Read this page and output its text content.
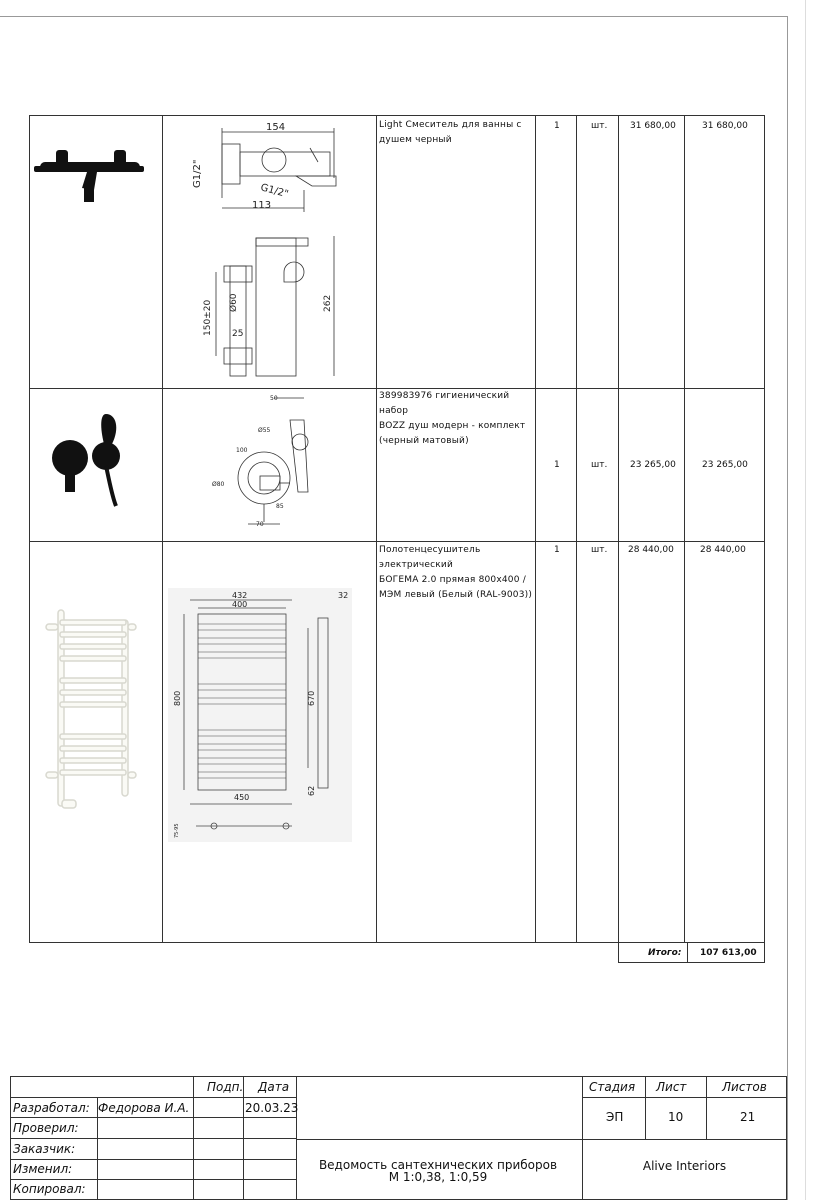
154
G1/2"
G1/2"
113
150±20 Ø60
25
262
Light Смеситель для ванны с
душем черный
1	шт.	31 680,00	31 680,00
50
Ø55
100
Ø80
85
70
389983976 гигиенический набор
BOZZ душ модерн - комплект
(черный матовый)
1	шт.	23 265,00	23 265,00
432
400
32
800	670
450
62
75-95
Полотенцесушитель
электрический
БОГЕМА 2.0 прямая 800х400 /
МЭМ левый (Белый (RAL-9003))
1	шт. 28 440,00	28 440,00
Итого: 107 613,00
Подп. Дата	Стадия Лист	Листов
Разработал: Федорова И.А.	20.03.23
Проверил:
Заказчик:
Изменил:
Копировал:
ЭП	10	21
Ведомость сантехнических приборов
М 1:0,38, 1:0,59
Alive Interiors
